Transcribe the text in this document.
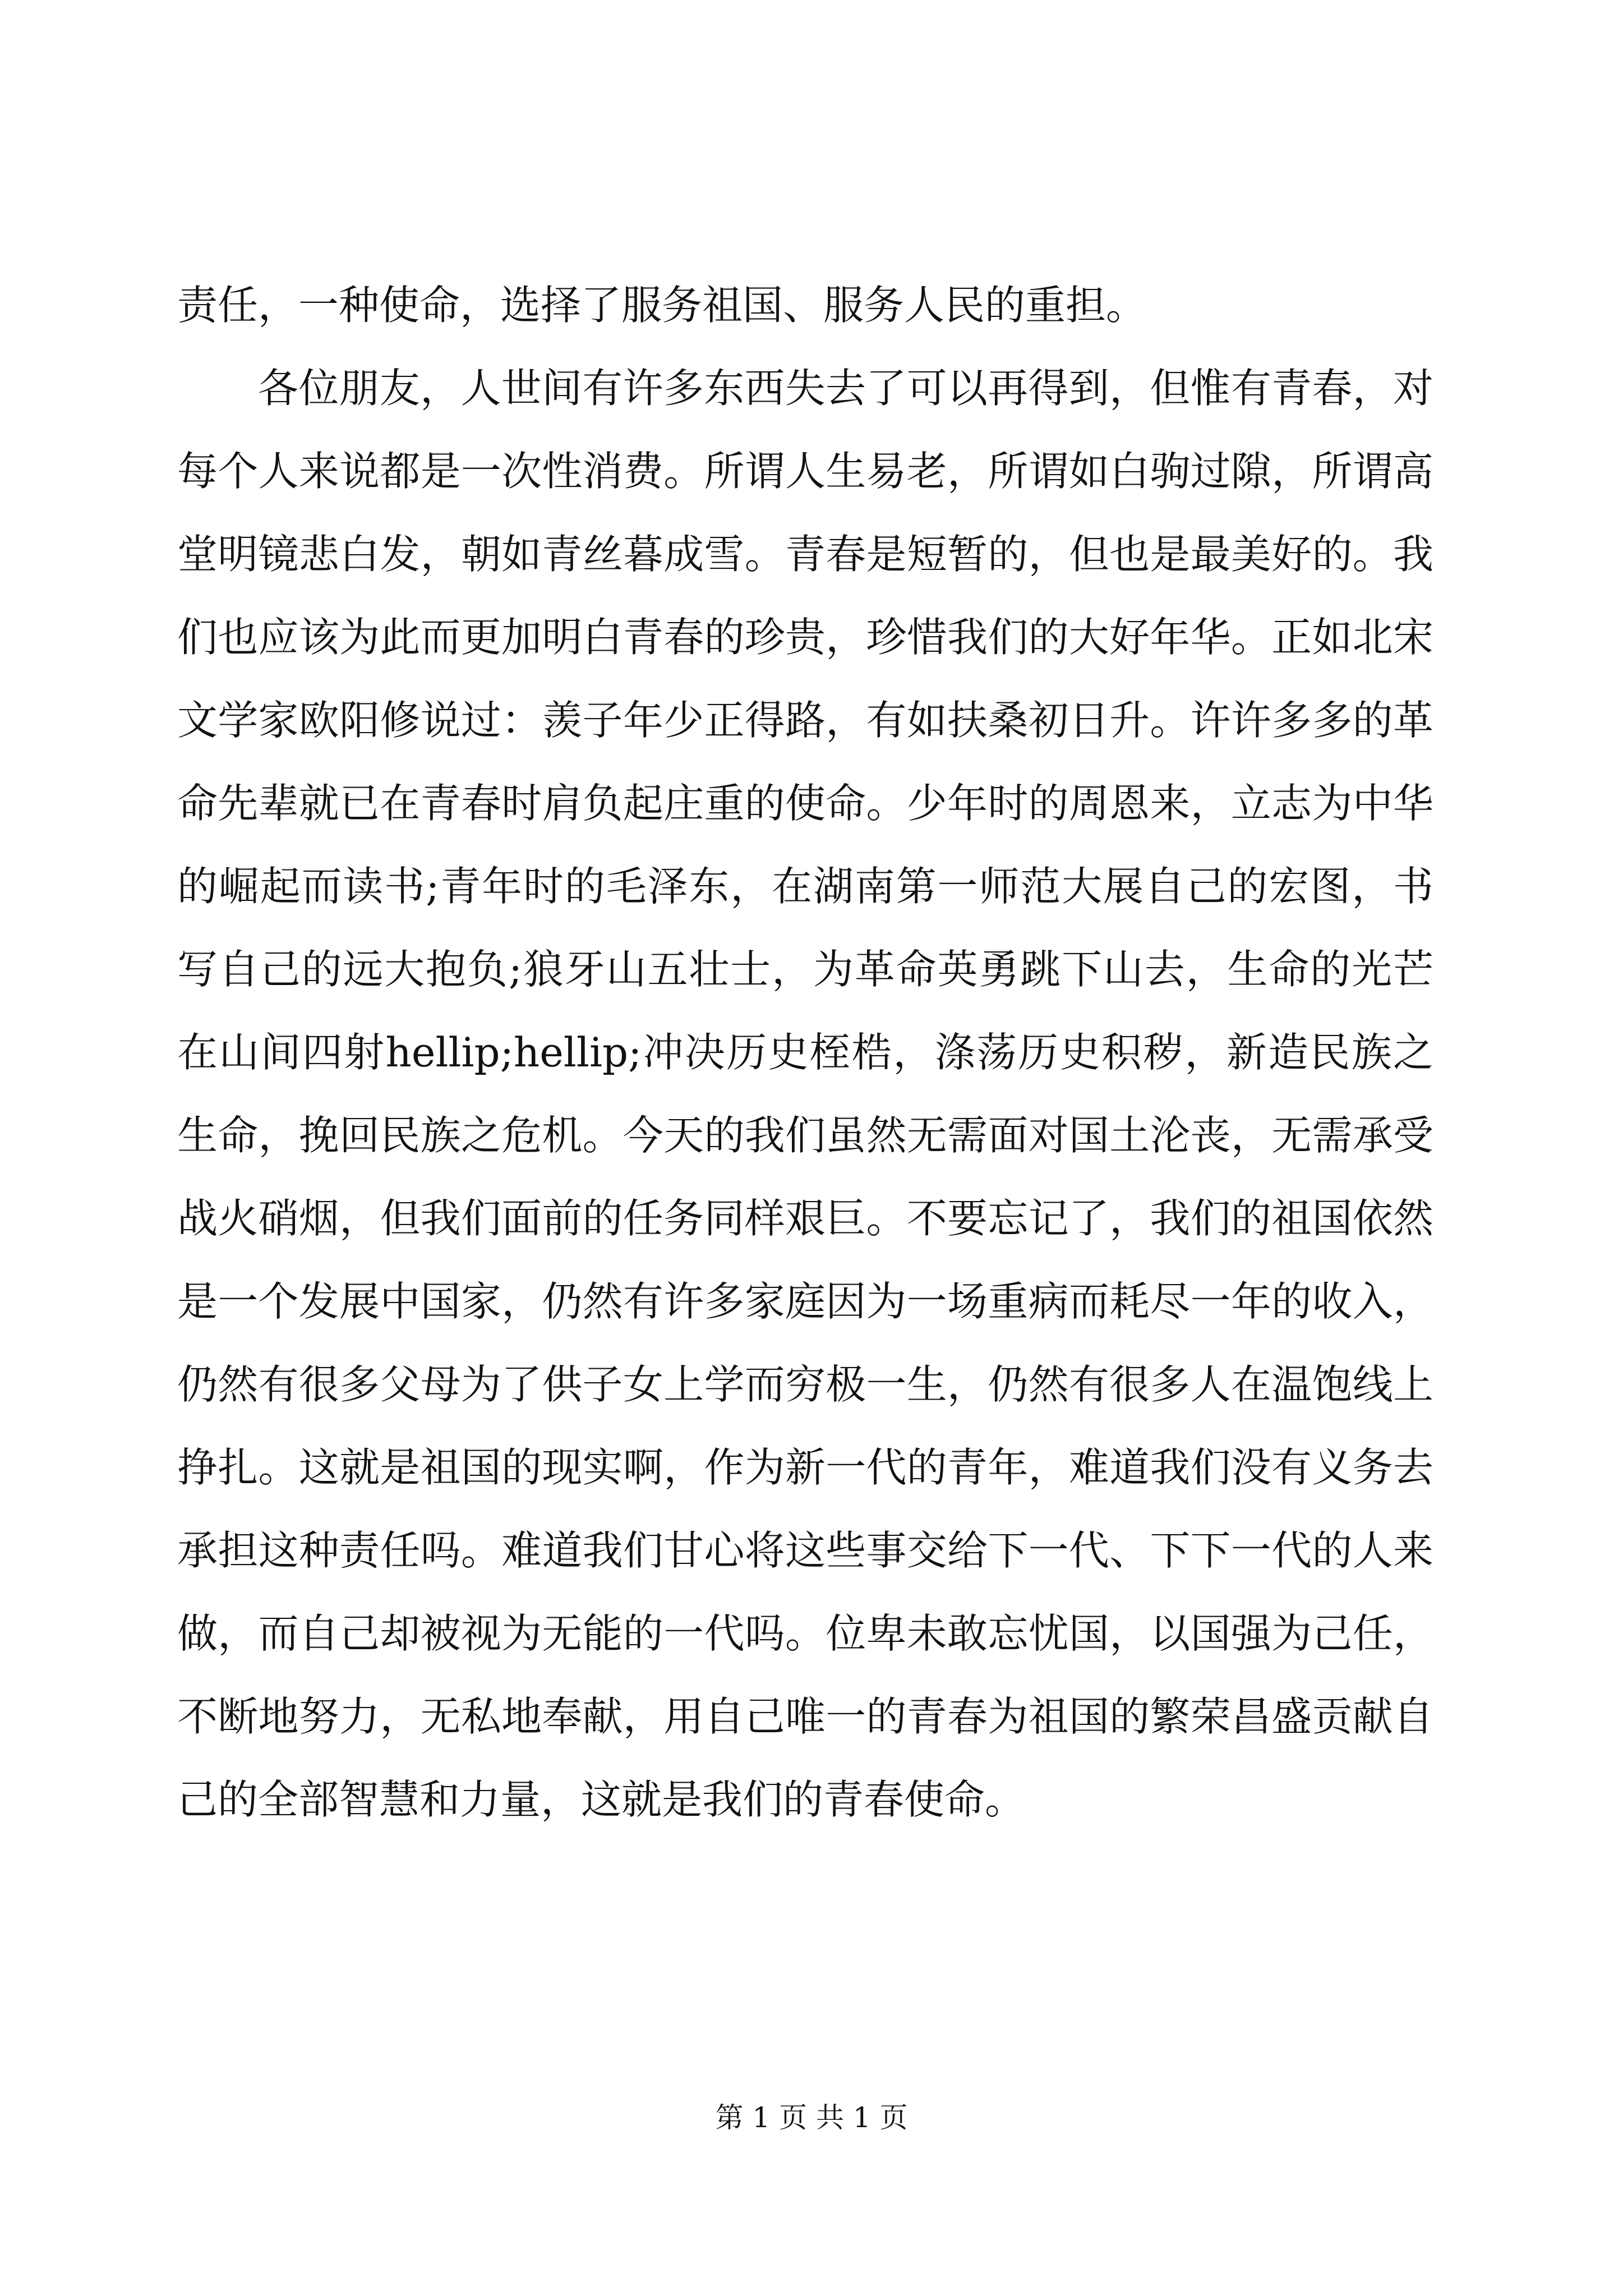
责任，一种使命，选择了服务祖国、服务人民的重担。

各位朋友，人世间有许多东西失去了可以再得到，但惟有青春，对每个人来说都是一次性消费。所谓人生易老，所谓如白驹过隙，所谓高堂明镜悲白发，朝如青丝暮成雪。青春是短暂的，但也是最美好的。我们也应该为此而更加明白青春的珍贵，珍惜我们的大好年华。正如北宋文学家欧阳修说过：羡子年少正得路，有如扶桑初日升。许许多多的革命先辈就已在青春时肩负起庄重的使命。少年时的周恩来，立志为中华的崛起而读书;青年时的毛泽东，在湖南第一师范大展自己的宏图，书写自己的远大抱负;狼牙山五壮士，为革命英勇跳下山去，生命的光芒在山间四射hellip;hellip;冲决历史桎梏，涤荡历史积秽，新造民族之生命，挽回民族之危机。今天的我们虽然无需面对国土沦丧，无需承受战火硝烟，但我们面前的任务同样艰巨。不要忘记了，我们的祖国依然是一个发展中国家，仍然有许多家庭因为一场重病而耗尽一年的收入，仍然有很多父母为了供子女上学而穷极一生，仍然有很多人在温饱线上挣扎。这就是祖国的现实啊，作为新一代的青年，难道我们没有义务去承担这种责任吗。难道我们甘心将这些事交给下一代、下下一代的人来做，而自己却被视为无能的一代吗。位卑未敢忘忧国，以国强为己任，不断地努力，无私地奉献，用自己唯一的青春为祖国的繁荣昌盛贡献自己的全部智慧和力量，这就是我们的青春使命。

第 1 页 共 1 页
